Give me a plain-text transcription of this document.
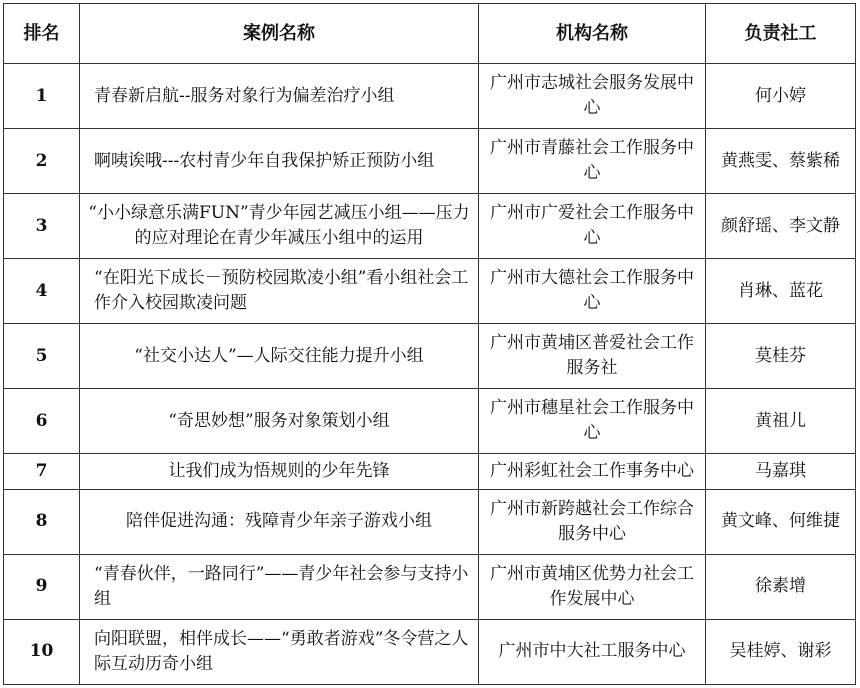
排名	案例名称	机构名称	负责社工
1	青春新启航--服务对象行为偏差治疗小组	广州市志城社会服务发展中心	何小婷
2	啊咦诶哦---农村青少年自我保护矫正预防小组	广州市青藤社会工作服务中心	黄燕雯、蔡紫稀
3	“小小绿意乐满FUN”青少年园艺减压小组——压力的应对理论在青少年减压小组中的运用	广州市广爱社会工作服务中心	颜舒瑶、李文静
4	“在阳光下成长－预防校园欺凌小组”看小组社会工作介入校园欺凌问题	广州市大德社会工作服务中心	肖琳、蓝花
5	“社交小达人”—人际交往能力提升小组	广州市黄埔区普爱社会工作服务社	莫桂芬
6	“奇思妙想”服务对象策划小组	广州市穗星社会工作服务中心	黄祖儿
7	让我们成为悟规则的少年先锋	广州彩虹社会工作事务中心	马嘉琪
8	陪伴促进沟通：残障青少年亲子游戏小组	广州市新跨越社会工作综合服务中心	黄文峰、何维捷
9	“青春伙伴，一路同行”——青少年社会参与支持小组	广州市黄埔区优势力社会工作发展中心	徐素增
10	向阳联盟，相伴成长——“勇敢者游戏”冬令营之人际互动历奇小组	广州市中大社工服务中心	吴桂婷、谢彩
